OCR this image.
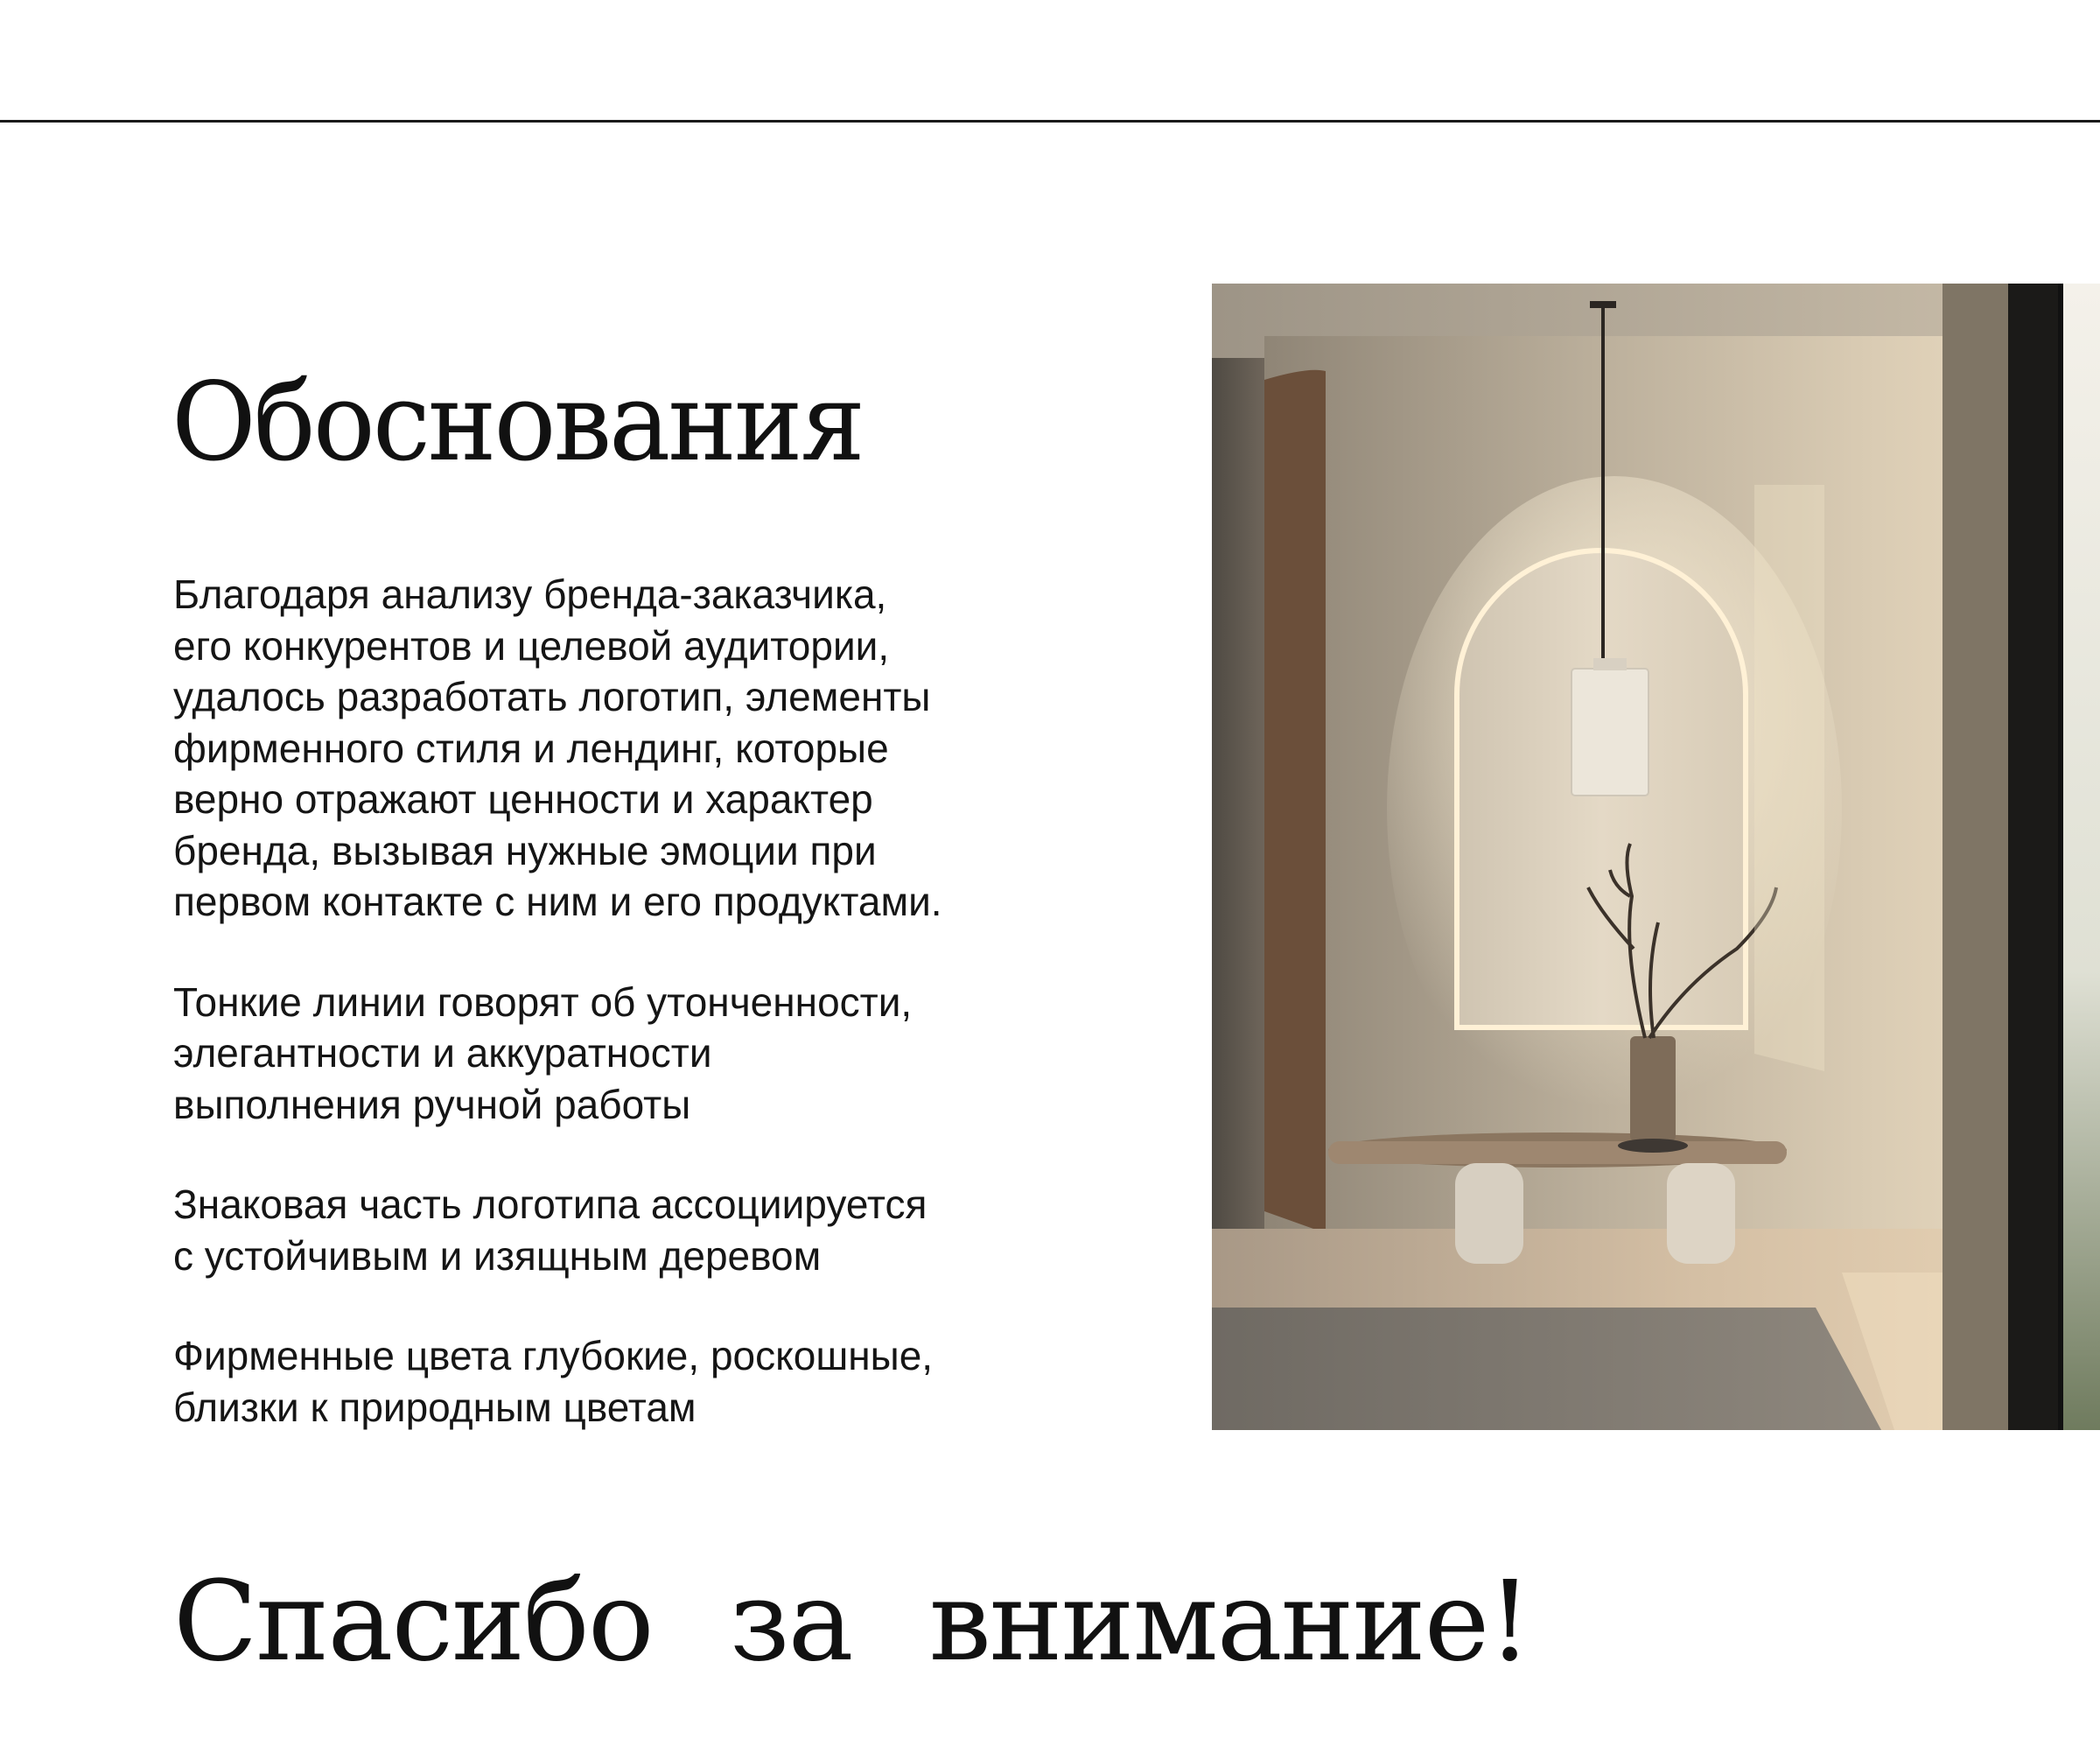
Обоснования

Благодаря анализу бренда-заказчика,
его конкурентов и целевой аудитории,
удалось разработать логотип, элементы
фирменного стиля и лендинг, которые
верно отражают ценности и характер
бренда, вызывая нужные эмоции при
первом контакте с ним и его продуктами.

Тонкие линии говорят об утонченности,
элегантности и аккуратности
выполнения ручной работы

Знаковая часть логотипа ассоциируется
с устойчивым и изящным деревом

Фирменные цвета глубокие, роскошные,
близки к природным цветам

Спасибо за внимание!
